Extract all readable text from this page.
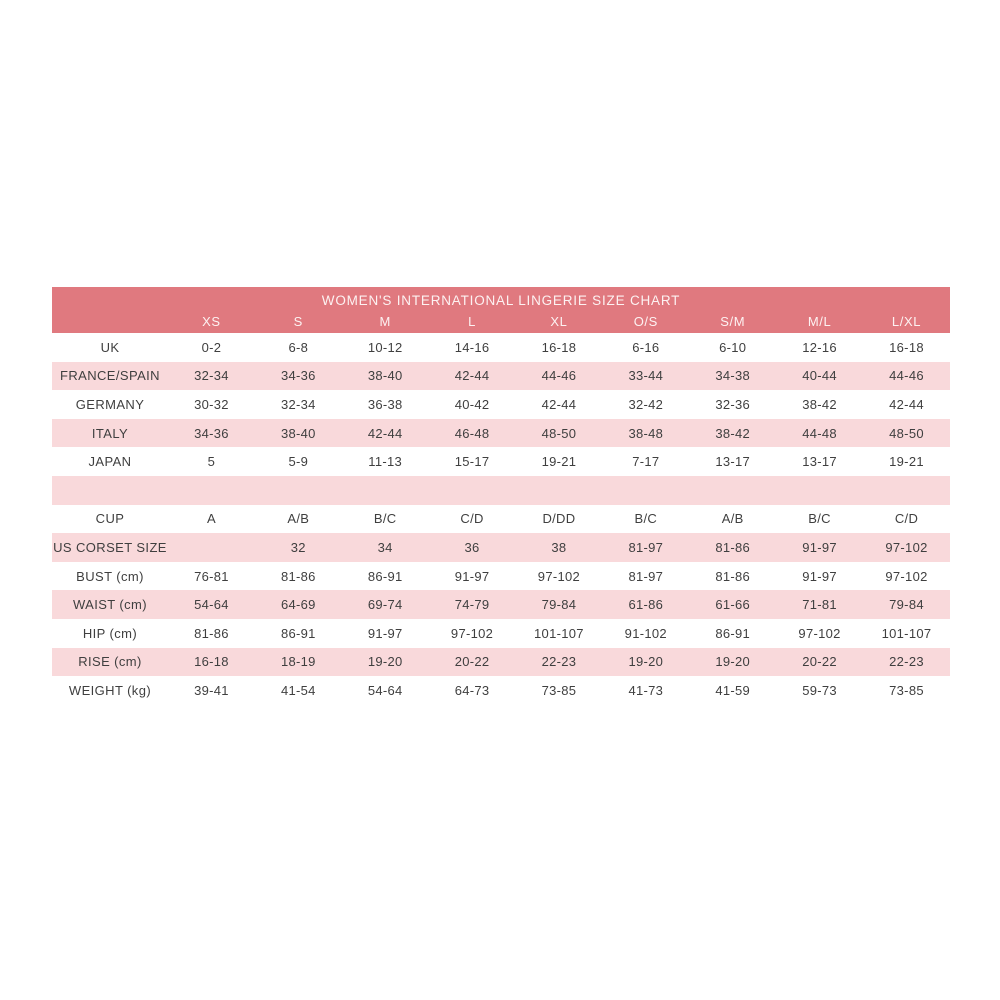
WOMEN'S INTERNATIONAL LINGERIE SIZE CHART									
	XS	S	M	L	XL	O/S	S/M	M/L	L/XL
UK	0-2	6-8	10-12	14-16	16-18	6-16	6-10	12-16	16-18
FRANCE/SPAIN	32-34	34-36	38-40	42-44	44-46	33-44	34-38	40-44	44-46
GERMANY	30-32	32-34	36-38	40-42	42-44	32-42	32-36	38-42	42-44
ITALY	34-36	38-40	42-44	46-48	48-50	38-48	38-42	44-48	48-50
JAPAN	5	5-9	11-13	15-17	19-21	7-17	13-17	13-17	19-21

CUP	A	A/B	B/C	C/D	D/DD	B/C	A/B	B/C	C/D
US CORSET SIZE		32	34	36	38	81-97	81-86	91-97	97-102
BUST (cm)	76-81	81-86	86-91	91-97	97-102	81-97	81-86	91-97	97-102
WAIST (cm)	54-64	64-69	69-74	74-79	79-84	61-86	61-66	71-81	79-84
HIP (cm)	81-86	86-91	91-97	97-102	101-107	91-102	86-91	97-102	101-107
RISE (cm)	16-18	18-19	19-20	20-22	22-23	19-20	19-20	20-22	22-23
WEIGHT (kg)	39-41	41-54	54-64	64-73	73-85	41-73	41-59	59-73	73-85
